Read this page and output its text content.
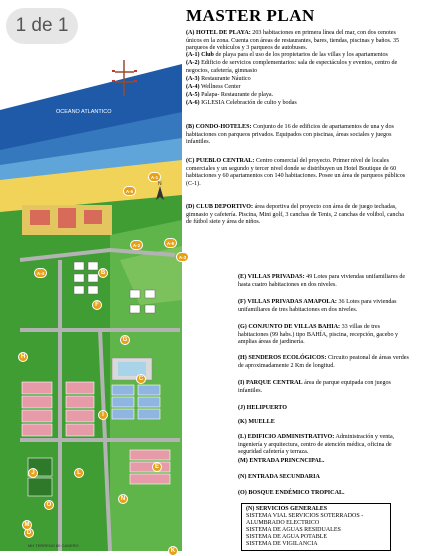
1 de 1
OCEANO ATLANTICO
N
MH TERRENO 80 CANERO
A-1
A-2
A-3
A-4
A-5
A-6
B
C
D
E
F
G
H
I
J
K
L
M
N
O
MASTER PLAN
(A) HOTEL DE PLAYA: 203 habitaciones en primera línea del mar, con dos cenotes únicos en la zona. Cuenta con áreas de restaurantes, bares, tiendas, piscinas y baños. 35 parqueos de vehículos y 3 parqueos de autobuses.
(A-1) Club de playa para el uso de los propietarios de las villas y los apartamentos
(A-2) Edificio de servicios complementarios: sala de espectáculos y eventos, centro de negocios, cafetería, gimnasio
(A-3) Restaurante Náutico
(A-4) Wellness Center
(A-5) Palapa- Restaurante de playa.
(A-6) IGLESIA Celebración de culto y bodas
(B) CONDO-HOTELES: Conjunto de 16 de edificios de apartamentos de una y dos habitaciones con parqueos privados. Equipados con piscinas, áreas sociales y juegos infantiles.
(C) PUEBLO CENTRAL: Centro comercial del proyecto. Primer nivel de locales comerciales y un segundo y tercer nivel donde se distribuyen un Hotel Boutique de 60 habitaciones y 60 apartamentos con 140 habitaciones. Posee un área de parqueos públicos (C-1).
(D) CLUB DEPORTIVO: área deportiva del proyecto con área de de juego techadas, gimnasio y cafetería. Piscina, Mini golf, 3 canchas de Tenis, 2 canchas de volibol, cancha de fútbol siete y área de niños.
(E) VILLAS PRIVADAS: 49 Lotes para viviendas unifamiliares de hasta cuatro habitaciones en dos niveles.
(F) VILLAS PRIVADAS AMAPOLA: 36 Lotes para viviendas unifamiliares de tres habitaciones en dos niveles.
(G) CONJUNTO DE VILLAS BAHIA: 33 villas de tres habitaciones (99 habs.) tipo BAHÍA, piscina, recepción, gacebo y amplias áreas de jardinería.
(H) SENDEROS ECOLÓGICOS: Circuito peatonal de áreas verdes de aproximadamente 2 Km de longitud.
(I) PARQUE CENTRAL área de parque equipada con juegos infantiles.
(J) HELIPUERTO
(K) MUELLE
(L) EDIFICIO ADMINISTRATIVO: Administración y venta, ingeniería y arquitectura, centro de atención médica, oficina de seguridad cafetería y terraza.
(M) ENTRADA PRINCNCIPAL.
(N) ENTRADA SECUNDARIA
(O) BOSQUE ENDÉMICO TROPICAL.
(N) SERVICIOS GENERALES
SISTEMA VIAL SERVICIOS SOTERRADOS -
ALUMBRADO ELECTRICO
SISTEMA DE AGUAS RESIDUALES
SISTEMA DE AGUA POTABLE
SISTEMA DE VIGILANCIA
